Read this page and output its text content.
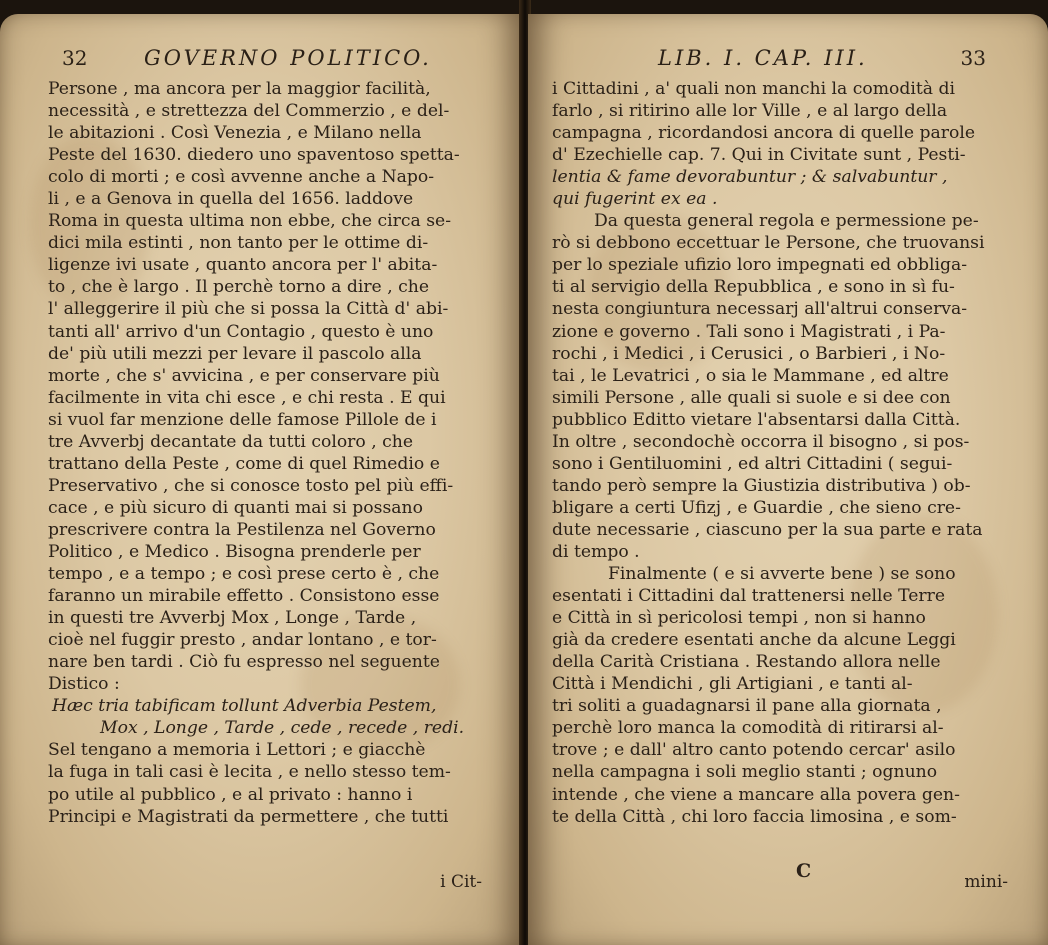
32	GOVERNO POLITICO.
Persone , ma ancora per la maggior facilità,
necessità , e strettezza del Commerzio , e del-
le abitazioni . Così Venezia , e Milano nella
Peste del 1630. diedero uno spaventoso spetta-
colo di morti ; e così avvenne anche a Napo-
li , e a Genova in quella del 1656. laddove
Roma in questa ultima non ebbe, che circa se-
dici mila estinti , non tanto per le ottime di-
ligenze ivi usate , quanto ancora per l' abita-
to , che è largo . Il perchè torno a dire , che
l' alleggerire il più che si possa la Città d' abi-
tanti all' arrivo d'un Contagio , questo è uno
de' più utili mezzi per levare il pascolo alla
morte , che s' avvicina , e per conservare più
facilmente in vita chi esce , e chi resta . E qui
si vuol far menzione delle famose Pillole de i
tre Avverbj decantate da tutti coloro , che
trattano della Peste , come di quel Rimedio e
Preservativo , che si conosce tosto pel più effi-
cace , e più sicuro di quanti mai si possano
prescrivere contra la Pestilenza nel Governo
Politico , e Medico . Bisogna prenderle per
tempo , e a tempo ; e così prese certo è , che
faranno un mirabile effetto . Consistono esse
in questi tre Avverbj Mox , Longe , Tarde ,
cioè nel fuggir presto , andar lontano , e tor-
nare ben tardi . Ciò fu espresso nel seguente
Distico :
Hæc tria tabificam tollunt Adverbia Pestem,
Mox , Longe , Tarde , cede , recede , redi.
Sel tengano a memoria i Lettori ; e giacchè
la fuga in tali casi è lecita , e nello stesso tem-
po utile al pubblico , e al privato : hanno i
Principi e Magistrati da permettere , che tutti
i Cit-
LIB. I. CAP. III.	33
i Cittadini , a' quali non manchi la comodità di
farlo , si ritirino alle lor Ville , e al largo della
campagna , ricordandosi ancora di quelle parole
d' Ezechielle cap. 7. Qui in Civitate sunt , Pesti-
lentia & fame devorabuntur ; & salvabuntur ,
qui fugerint ex ea .
Da questa general regola e permessione pe-
rò si debbono eccettuar le Persone, che truovansi
per lo speziale ufizio loro impegnati ed obbliga-
ti al servigio della Repubblica , e sono in sì fu-
nesta congiuntura necessarj all'altrui conserva-
zione e governo . Tali sono i Magistrati , i Pa-
rochi , i Medici , i Cerusici , o Barbieri , i No-
tai , le Levatrici , o sia le Mammane , ed altre
simili Persone , alle quali si suole e si dee con
pubblico Editto vietare l'absentarsi dalla Città.
In oltre , secondochè occorra il bisogno , si pos-
sono i Gentiluomini , ed altri Cittadini ( segui-
tando però sempre la Giustizia distributiva ) ob-
bligare a certi Ufizj , e Guardie , che sieno cre-
dute necessarie , ciascuno per la sua parte e rata
di tempo .
Finalmente ( e si avverte bene ) se sono
esentati i Cittadini dal trattenersi nelle Terre
e Città in sì pericolosi tempi , non si hanno
già da credere esentati anche da alcune Leggi
della Carità Cristiana . Restando allora nelle
Città i Mendichi , gli Artigiani , e tanti al-
tri soliti a guadagnarsi il pane alla giornata ,
perchè loro manca la comodità di ritirarsi al-
trove ; e dall' altro canto potendo cercar' asilo
nella campagna i soli meglio stanti ; ognuno
intende , che viene a mancare alla povera gen-
te della Città , chi loro faccia limosina , e som-
C	mini-
